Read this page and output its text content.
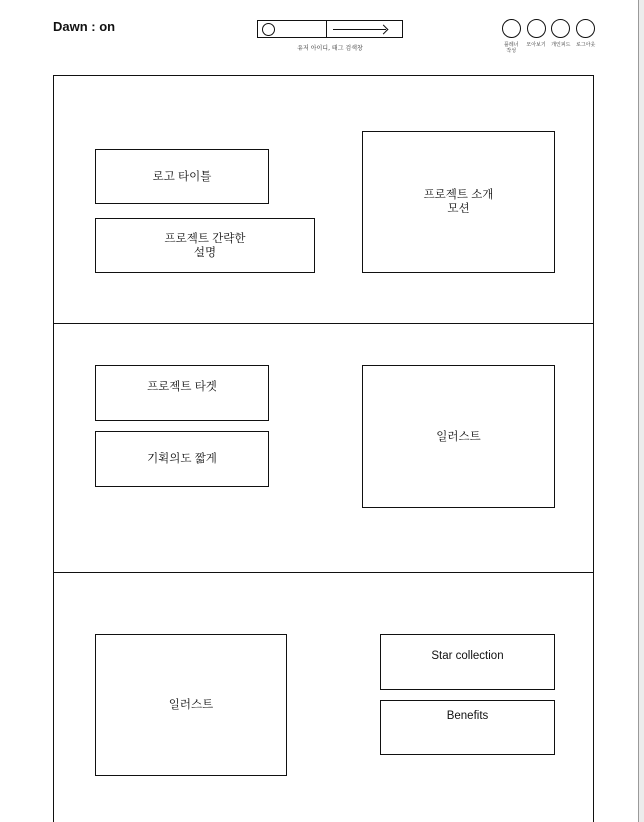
Dawn : on
유저 아이디, 태그 검색창	플레너
작성
모아보기 개인피드 로그아웃
로고 타이틀
프로젝트 간략한
설명
프로젝트 소개
모션
프로젝트 타겟
기획의도 짧게
일러스트
일러스트
Star collection
Benefits
